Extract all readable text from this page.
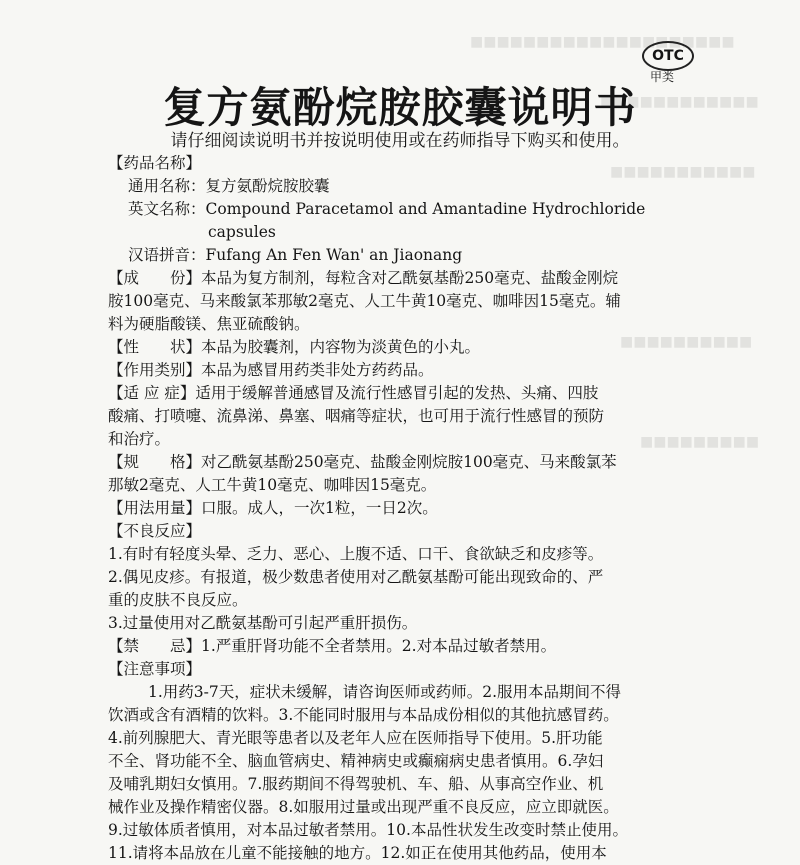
■■■■■■■■■■■■■■■■■■■■
■■■■■■■■■■■■
■■■■■■■■■■■
■■■■■■■■■■
■■■■■■■■■
OTC
甲类
复方氨酚烷胺胶囊说明书
请仔细阅读说明书并按说明使用或在药师指导下购买和使用。
【药品名称】
通用名称：复方氨酚烷胺胶囊
英文名称：Compound Paracetamol and Amantadine Hydrochloride
capsules
汉语拼音：Fufang An Fen Wan' an Jiaonang
【成　　份】本品为复方制剂，每粒含对乙酰氨基酚250毫克、盐酸金刚烷
胺100毫克、马来酸氯苯那敏2毫克、人工牛黄10毫克、咖啡因15毫克。辅
料为硬脂酸镁、焦亚硫酸钠。
【性　　状】本品为胶囊剂，内容物为淡黄色的小丸。
【作用类别】本品为感冒用药类非处方药药品。
【适 应 症】适用于缓解普通感冒及流行性感冒引起的发热、头痛、四肢
酸痛、打喷嚏、流鼻涕、鼻塞、咽痛等症状，也可用于流行性感冒的预防
和治疗。
【规　　格】对乙酰氨基酚250毫克、盐酸金刚烷胺100毫克、马来酸氯苯
那敏2毫克、人工牛黄10毫克、咖啡因15毫克。
【用法用量】口服。成人，一次1粒，一日2次。
【不良反应】
1.有时有轻度头晕、乏力、恶心、上腹不适、口干、食欲缺乏和皮疹等。
2.偶见皮疹。有报道，极少数患者使用对乙酰氨基酚可能出现致命的、严
重的皮肤不良反应。
3.过量使用对乙酰氨基酚可引起严重肝损伤。
【禁　　忌】1.严重肝肾功能不全者禁用。2.对本品过敏者禁用。
【注意事项】
1.用药3-7天，症状未缓解，请咨询医师或药师。2.服用本品期间不得
饮酒或含有酒精的饮料。3.不能同时服用与本品成份相似的其他抗感冒药。
4.前列腺肥大、青光眼等患者以及老年人应在医师指导下使用。5.肝功能
不全、肾功能不全、脑血管病史、精神病史或癫痫病史患者慎用。6.孕妇
及哺乳期妇女慎用。7.服药期间不得驾驶机、车、船、从事高空作业、机
械作业及操作精密仪器。8.如服用过量或出现严重不良反应，应立即就医。
9.过敏体质者慎用，对本品过敏者禁用。10.本品性状发生改变时禁止使用。
11.请将本品放在儿童不能接触的地方。12.如正在使用其他药品，使用本
